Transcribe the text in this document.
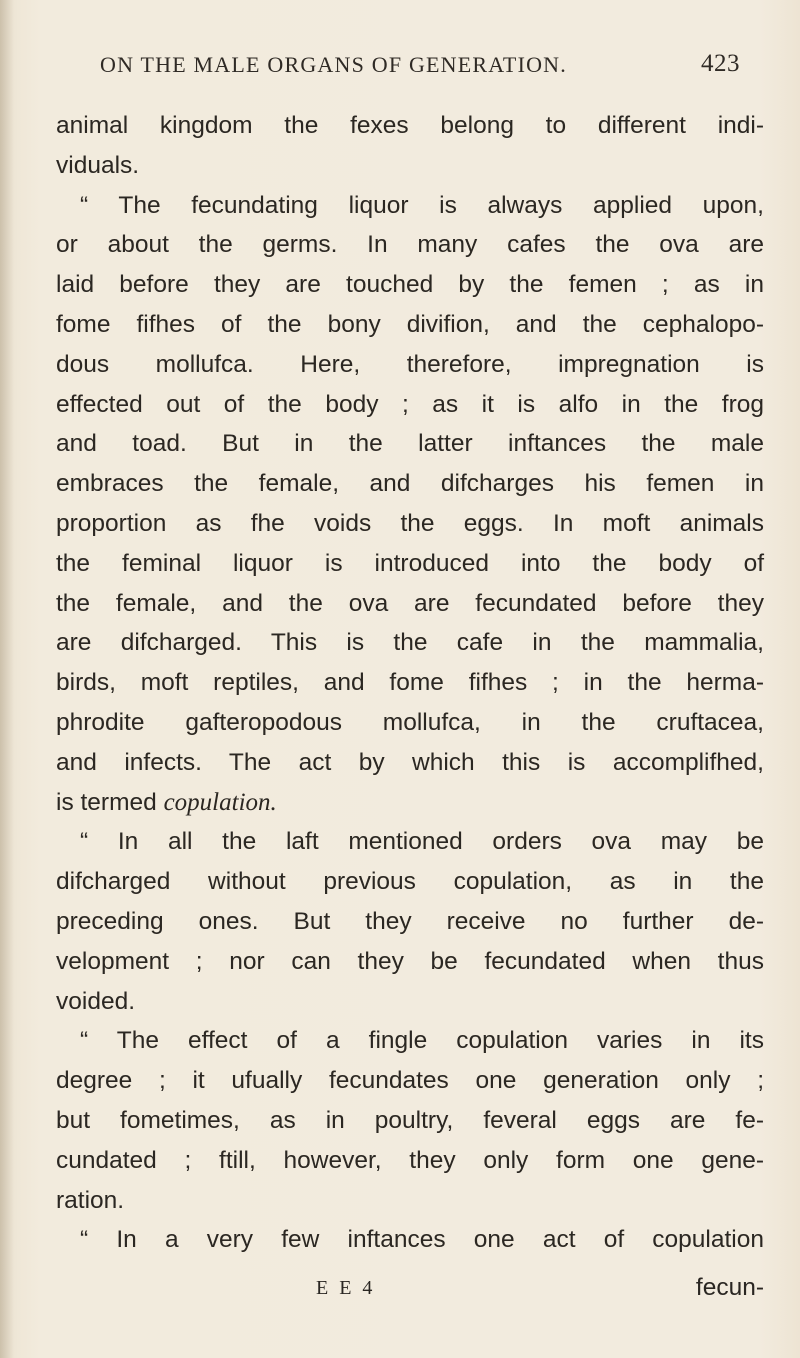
ON THE MALE ORGANS OF GENERATION.	423
animal kingdom the fexes belong to different indi-
viduals.
“ The fecundating liquor is always applied upon,
or about the germs. In many cafes the ova are
laid before they are touched by the femen ; as in
fome fifhes of the bony divifion, and the cephalopo-
dous mollufca. Here, therefore, impregnation is
effected out of the body ; as it is alfo in the frog
and toad. But in the latter inftances the male
embraces the female, and difcharges his femen in
proportion as fhe voids the eggs. In moft animals
the feminal liquor is introduced into the body of
the female, and the ova are fecundated before they
are difcharged. This is the cafe in the mammalia,
birds, moft reptiles, and fome fifhes ; in the herma-
phrodite gafteropodous mollufca, in the cruftacea,
and infects. The act by which this is accomplifhed,
is termed copulation.
“ In all the laft mentioned orders ova may be
difcharged without previous copulation, as in the
preceding ones. But they receive no further de-
velopment ; nor can they be fecundated when thus
voided.
“ The effect of a fingle copulation varies in its
degree ; it ufually fecundates one generation only ;
but fometimes, as in poultry, feveral eggs are fe-
cundated ; ftill, however, they only form one gene-
ration.
“ In a very few inftances one act of copulation
E E 4	fecun-
